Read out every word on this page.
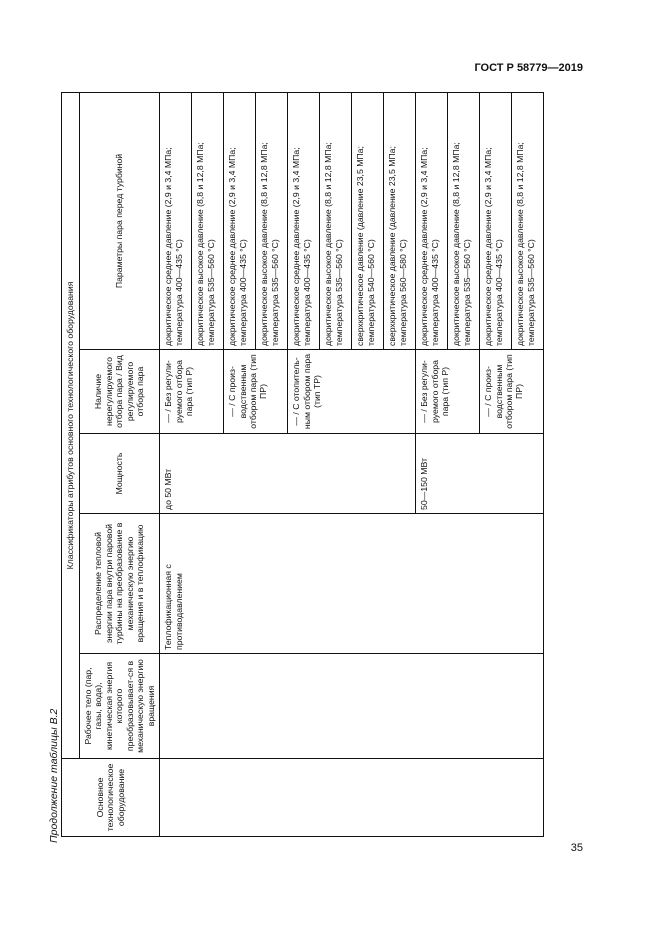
ГОСТ Р 58779—2019
Продолжение таблицы В.2	Основное технологическое оборудование	Классификаторы атрибутов основного технологического оборудования				
	Рабочее тело (пар, газы, вода), кинетическая энергия которого преобразовывает-ся в механическую энергию вращения	Распределение тепловой энергии пара внутри паровой турбины на преобразование в механическую энергию вращения и в теплофикацию	Мощность	Наличие нерегулируемого отбора пара / Вид регулируемого отбора пара	Параметры пара перед турбиной
		Теплофикационная с противодавлением	до 50 МВт	— / Без регули-руемого отбора пара (тип Р)	докритическое среднее давление (2,9 и 3,4 МПа; температура 400—435 °С)
					докритическое высокое давление (8,8 и 12,8 МПа; температура 535—560 °С)
				— / С произ-водственным отбором пара (тип ПР)	докритическое среднее давление (2,9 и 3,4 МПа; температура 400—435 °С)
					докритическое высокое давление (8,8 и 12,8 МПа; температура 535—560 °С)
				— / С отопитель-ным отбором пара (тип ТР)	докритическое среднее давление (2,9 и 3,4 МПа; температура 400—435 °С)
					докритическое высокое давление (8,8 и 12,8 МПа; температура 535—560 °С)
					сверхкритическое давление (давление 23,5 МПа; температура 540—560 °С)
					сверхкритическое давление (давление 23,5 МПа; температура 560—580 °С)
			50—150 МВт	— / Без регули-руемого отбора пара (тип Р)	докритическое среднее давление (2,9 и 3,4 МПа; температура 400—435 °С)
					докритическое высокое давление (8,8 и 12,8 МПа; температура 535—560 °С)
				— / С произ-водственным отбором пара (тип ПР)	докритическое среднее давление (2,9 и 3,4 МПа; температура 400—435 °С)
					докритическое высокое давление (8,8 и 12,8 МПа; температура 535—560 °С)
35
